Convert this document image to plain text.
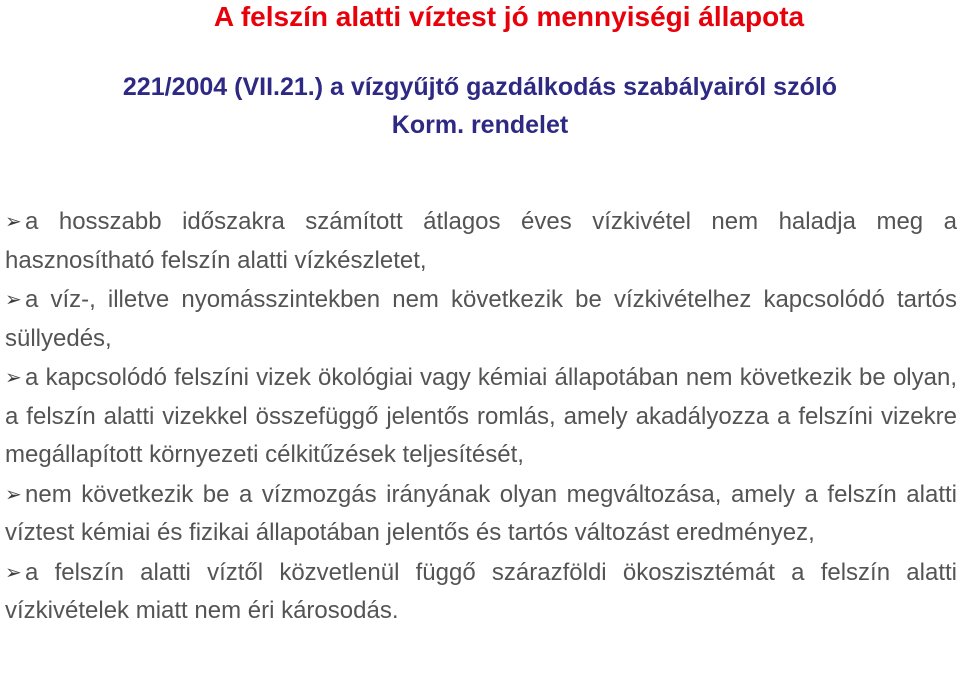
A felszín alatti víztest jó mennyiségi állapota
221/2004 (VII.21.) a vízgyűjtő gazdálkodás szabályairól szóló
Korm. rendelet
➢ a hosszabb időszakra számított átlagos éves vízkivétel nem haladja meg a hasznosítható felszín alatti vízkészletet,
➢ a víz-, illetve nyomásszintekben nem következik be vízkivételhez kapcsolódó tartós süllyedés,
➢ a kapcsolódó felszíni vizek ökológiai vagy kémiai állapotában nem következik be olyan, a felszín alatti vizekkel összefüggő jelentős romlás, amely akadályozza a felszíni vizekre megállapított környezeti célkitűzések teljesítését,
➢ nem következik be a vízmozgás irányának olyan megváltozása, amely a felszín alatti víztest kémiai és fizikai állapotában jelentős és tartós változást eredményez,
➢ a felszín alatti víztől közvetlenül függő szárazföldi ökoszisztémát a felszín alatti vízkivételek miatt nem éri károsodás.
